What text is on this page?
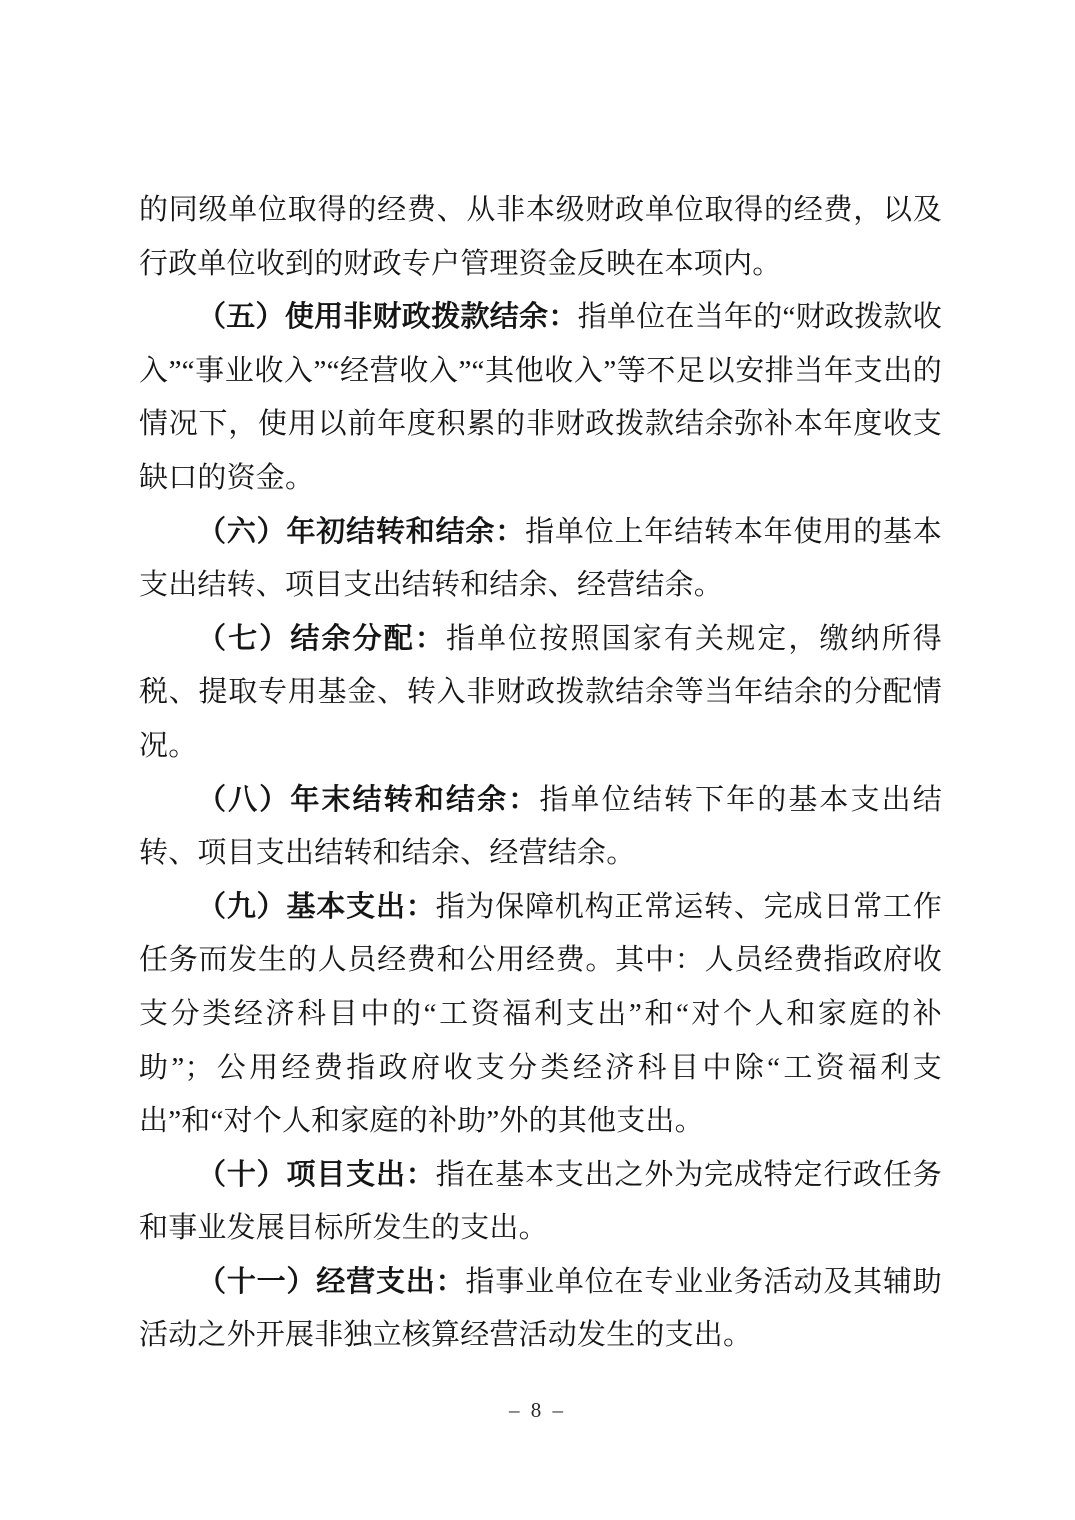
的同级单位取得的经费、从非本级财政单位取得的经费，以及行政单位收到的财政专户管理资金反映在本项内。

（五）使用非财政拨款结余：指单位在当年的“财政拨款收入”“事业收入”“经营收入”“其他收入”等不足以安排当年支出的情况下，使用以前年度积累的非财政拨款结余弥补本年度收支缺口的资金。

（六）年初结转和结余：指单位上年结转本年使用的基本支出结转、项目支出结转和结余、经营结余。

（七）结余分配：指单位按照国家有关规定，缴纳所得税、提取专用基金、转入非财政拨款结余等当年结余的分配情况。

（八）年末结转和结余：指单位结转下年的基本支出结转、项目支出结转和结余、经营结余。

（九）基本支出：指为保障机构正常运转、完成日常工作任务而发生的人员经费和公用经费。其中：人员经费指政府收支分类经济科目中的“工资福利支出”和“对个人和家庭的补助”；公用经费指政府收支分类经济科目中除“工资福利支出”和“对个人和家庭的补助”外的其他支出。

（十）项目支出：指在基本支出之外为完成特定行政任务和事业发展目标所发生的支出。

（十一）经营支出：指事业单位在专业业务活动及其辅助活动之外开展非独立核算经营活动发生的支出。

– 8 –
